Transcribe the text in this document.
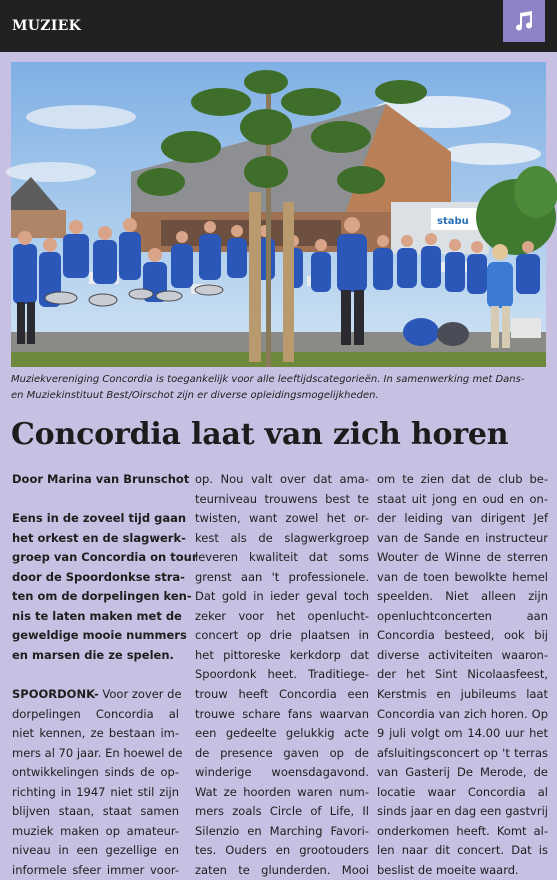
MUZIEK
stabu
Muziekvereniging Concordia is toegankelijk voor alle leeftijdscategorieën. In samenwerking met Dans-
en Muziekinstituut Best/Oirschot zijn er diverse opleidingsmogelijkheden.
Concordia laat van zich horen
Door Marina van Brunschot
Eens in de zoveel tijd gaan
het orkest en de slagwerk-
groep van Concordia on tour
door de Spoordonkse stra-
ten om de dorpelingen ken-
nis te laten maken met de
geweldige mooie nummers
en marsen die ze spelen.
SPOORDONK- Voor zover de
dorpelingen Concordia al
niet kennen, ze bestaan im-
mers al 70 jaar. En hoewel de
ontwikkelingen sinds de op-
richting in 1947 niet stil zijn
blijven staan, staat samen
muziek maken op amateur-
niveau in een gezellige en
informele sfeer immer voor-
op. Nou valt over dat ama-
teurniveau trouwens best te
twisten, want zowel het or-
kest als de slagwerkgroep
leveren kwaliteit dat soms
grenst aan 't professionele.
Dat gold in ieder geval toch
zeker voor het openlucht-
concert op drie plaatsen in
het pittoreske kerkdorp dat
Spoordonk heet. Traditiege-
trouw heeft Concordia een
trouwe schare fans waarvan
een gedeelte gelukkig acte
de presence gaven op de
winderige woensdagavond.
Wat ze hoorden waren num-
mers zoals Circle of Life, Il
Silenzio en Marching Favori-
tes. Ouders en grootouders
zaten te glunderden. Mooi
om te zien dat de club be-
staat uit jong en oud en on-
der leiding van dirigent Jef
van de Sande en instructeur
Wouter de Winne de sterren
van de toen bewolkte hemel
speelden. Niet alleen zijn
openluchtconcerten aan
Concordia besteed, ook bij
diverse activiteiten waaron-
der het Sint Nicolaasfeest,
Kerstmis en jubileums laat
Concordia van zich horen. Op
9 juli volgt om 14.00 uur het
afsluitingsconcert op 't terras
van Gasterij De Merode, de
locatie waar Concordia al
sinds jaar en dag een gastvrij
onderkomen heeft. Komt al-
len naar dit concert. Dat is
beslist de moeite waard.
